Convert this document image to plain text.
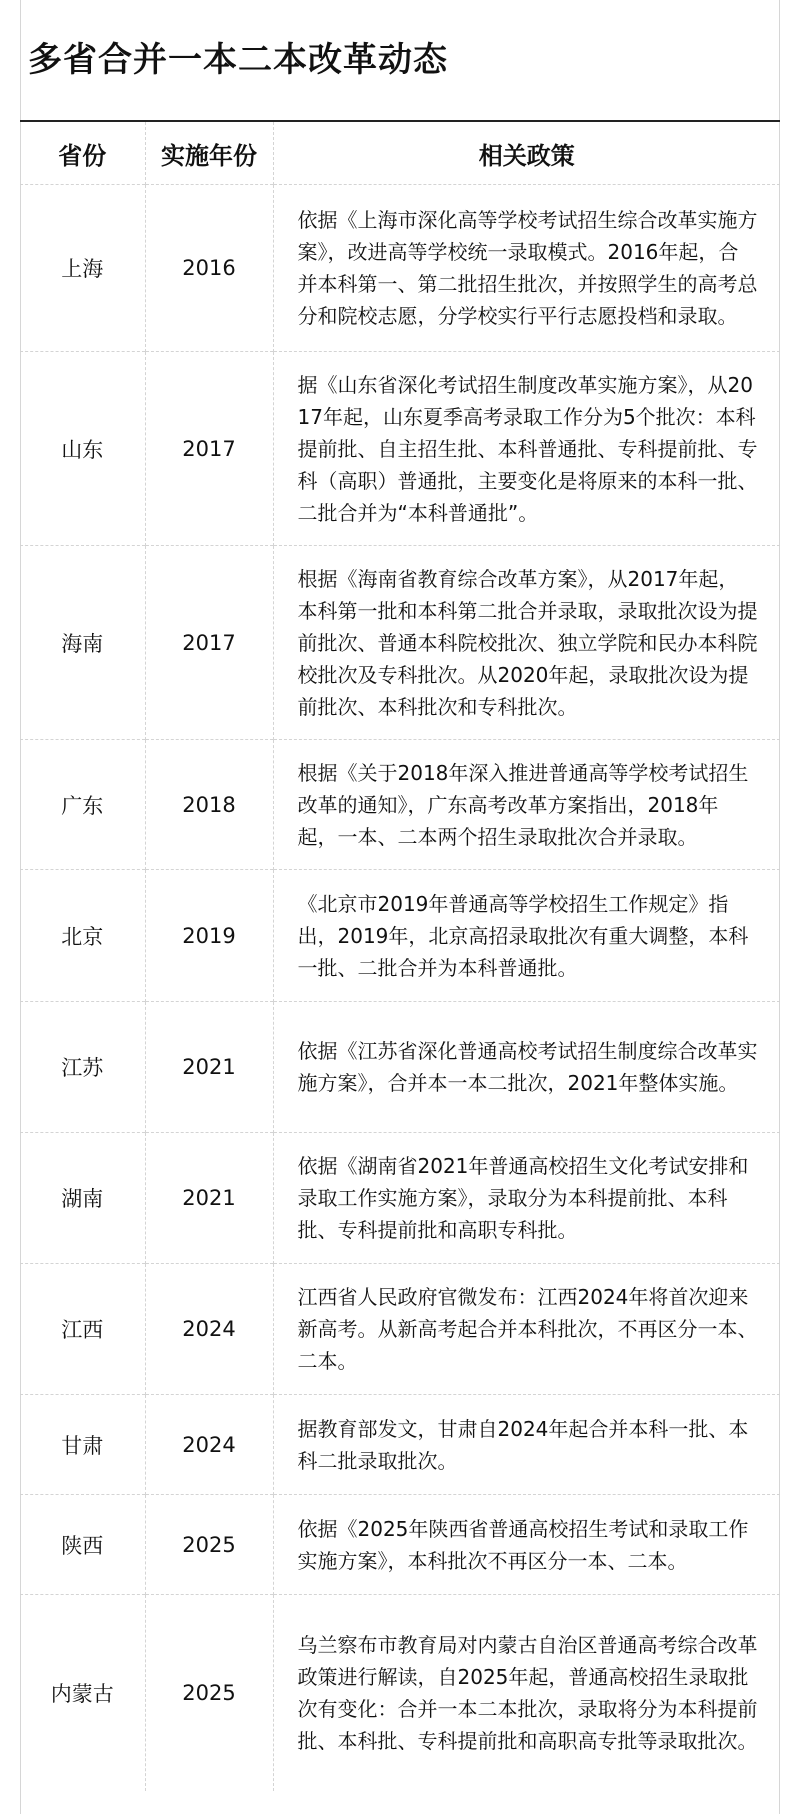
多省合并一本二本改革动态
省份	实施年份	相关政策
上海	2016	依据《上海市深化高等学校考试招生综合改革实施方案》，改进高等学校统一录取模式。2016年起，合并本科第一、第二批招生批次，并按照学生的高考总分和院校志愿，分学校实行平行志愿投档和录取。
山东	2017	据《山东省深化考试招生制度改革实施方案》，从2017年起，山东夏季高考录取工作分为5个批次：本科提前批、自主招生批、本科普通批、专科提前批、专科（高职）普通批，主要变化是将原来的本科一批、二批合并为“本科普通批”。
海南	2017	根据《海南省教育综合改革方案》，从2017年起，本科第一批和本科第二批合并录取，录取批次设为提前批次、普通本科院校批次、独立学院和民办本科院校批次及专科批次。从2020年起，录取批次设为提前批次、本科批次和专科批次。
广东	2018	根据《关于2018年深入推进普通高等学校考试招生改革的通知》，广东高考改革方案指出，2018年起，一本、二本两个招生录取批次合并录取。
北京	2019	《北京市2019年普通高等学校招生工作规定》指出，2019年，北京高招录取批次有重大调整，本科一批、二批合并为本科普通批。
江苏	2021	依据《江苏省深化普通高校考试招生制度综合改革实施方案》，合并本一本二批次，2021年整体实施。
湖南	2021	依据《湖南省2021年普通高校招生文化考试安排和录取工作实施方案》，录取分为本科提前批、本科批、专科提前批和高职专科批。
江西	2024	江西省人民政府官微发布：江西2024年将首次迎来新高考。从新高考起合并本科批次，不再区分一本、二本。
甘肃	2024	据教育部发文，甘肃自2024年起合并本科一批、本科二批录取批次。
陕西	2025	依据《2025年陕西省普通高校招生考试和录取工作实施方案》，本科批次不再区分一本、二本。
内蒙古	2025	乌兰察布市教育局对内蒙古自治区普通高考综合改革政策进行解读，自2025年起，普通高校招生录取批次有变化：合并一本二本批次，录取将分为本科提前批、本科批、专科提前批和高职高专批等录取批次。
